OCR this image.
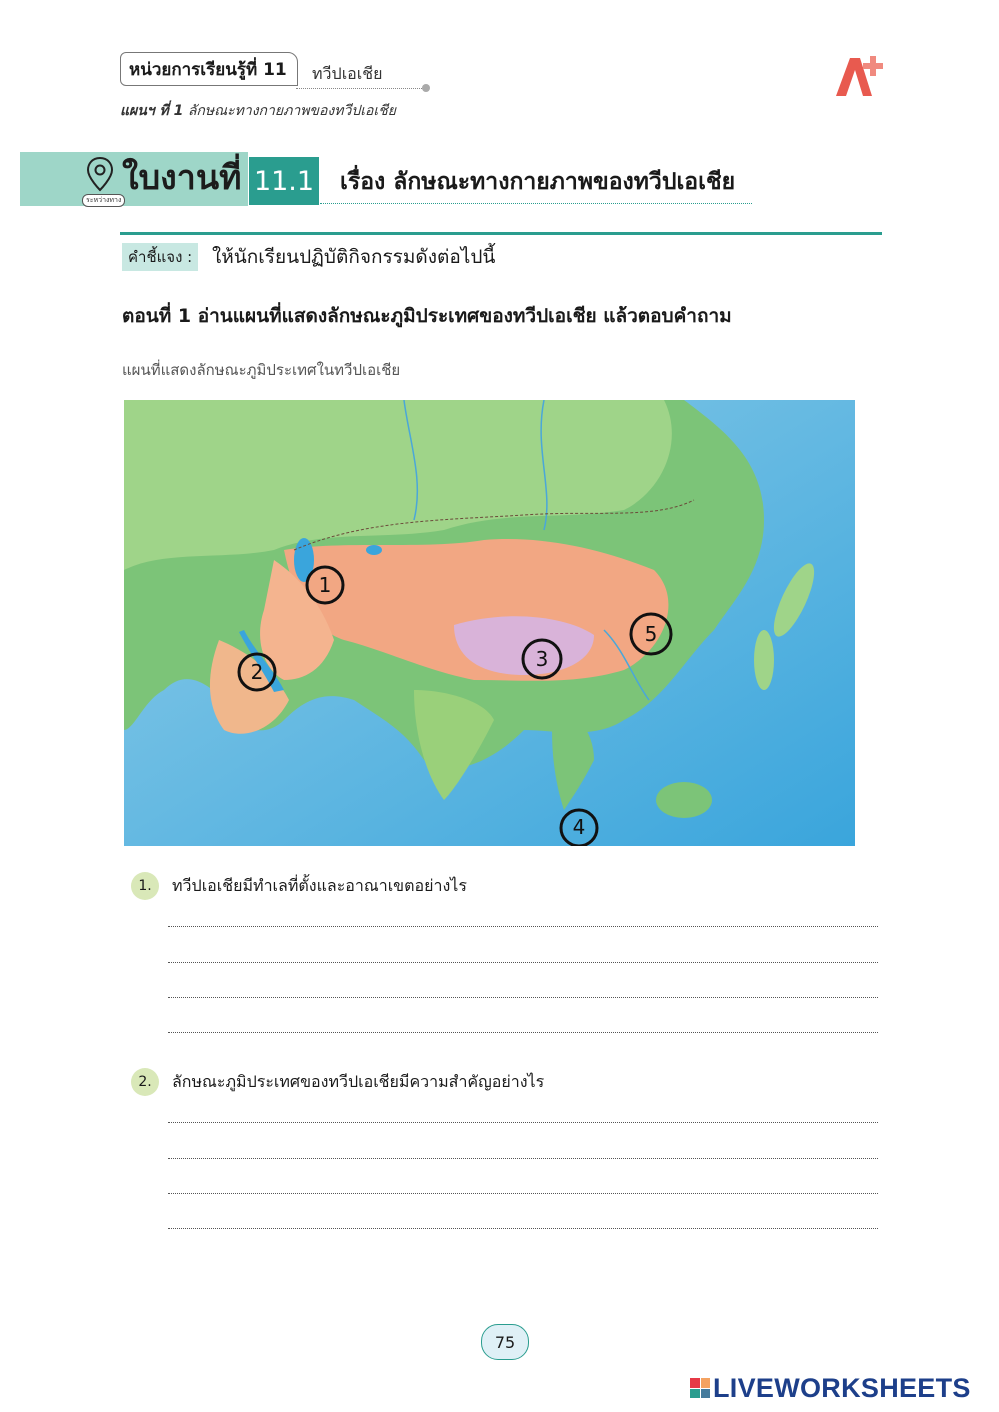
หน่วยการเรียนรู้ที่ 11 ทวีปเอเชีย
แผนฯ ที่ 1 ลักษณะทางกายภาพของทวีปเอเชีย
ระหว่างทาง
ใบงานที่ 11.1 เรื่อง ลักษณะทางกายภาพของทวีปเอเชีย
คำชี้แจง :	ให้นักเรียนปฏิบัติกิจกรรมดังต่อไปนี้
ตอนที่ 1 อ่านแผนที่แสดงลักษณะภูมิประเทศของทวีปเอเชีย แล้วตอบคำถาม
แผนที่แสดงลักษณะภูมิประเทศในทวีปเอเชีย
1
2
3
4
5
1.	ทวีปเอเชียมีทำเลที่ตั้งและอาณาเขตอย่างไร
2.	ลักษณะภูมิประเทศของทวีปเอเชียมีความสำคัญอย่างไร
75
LIVEWORKSHEETS
